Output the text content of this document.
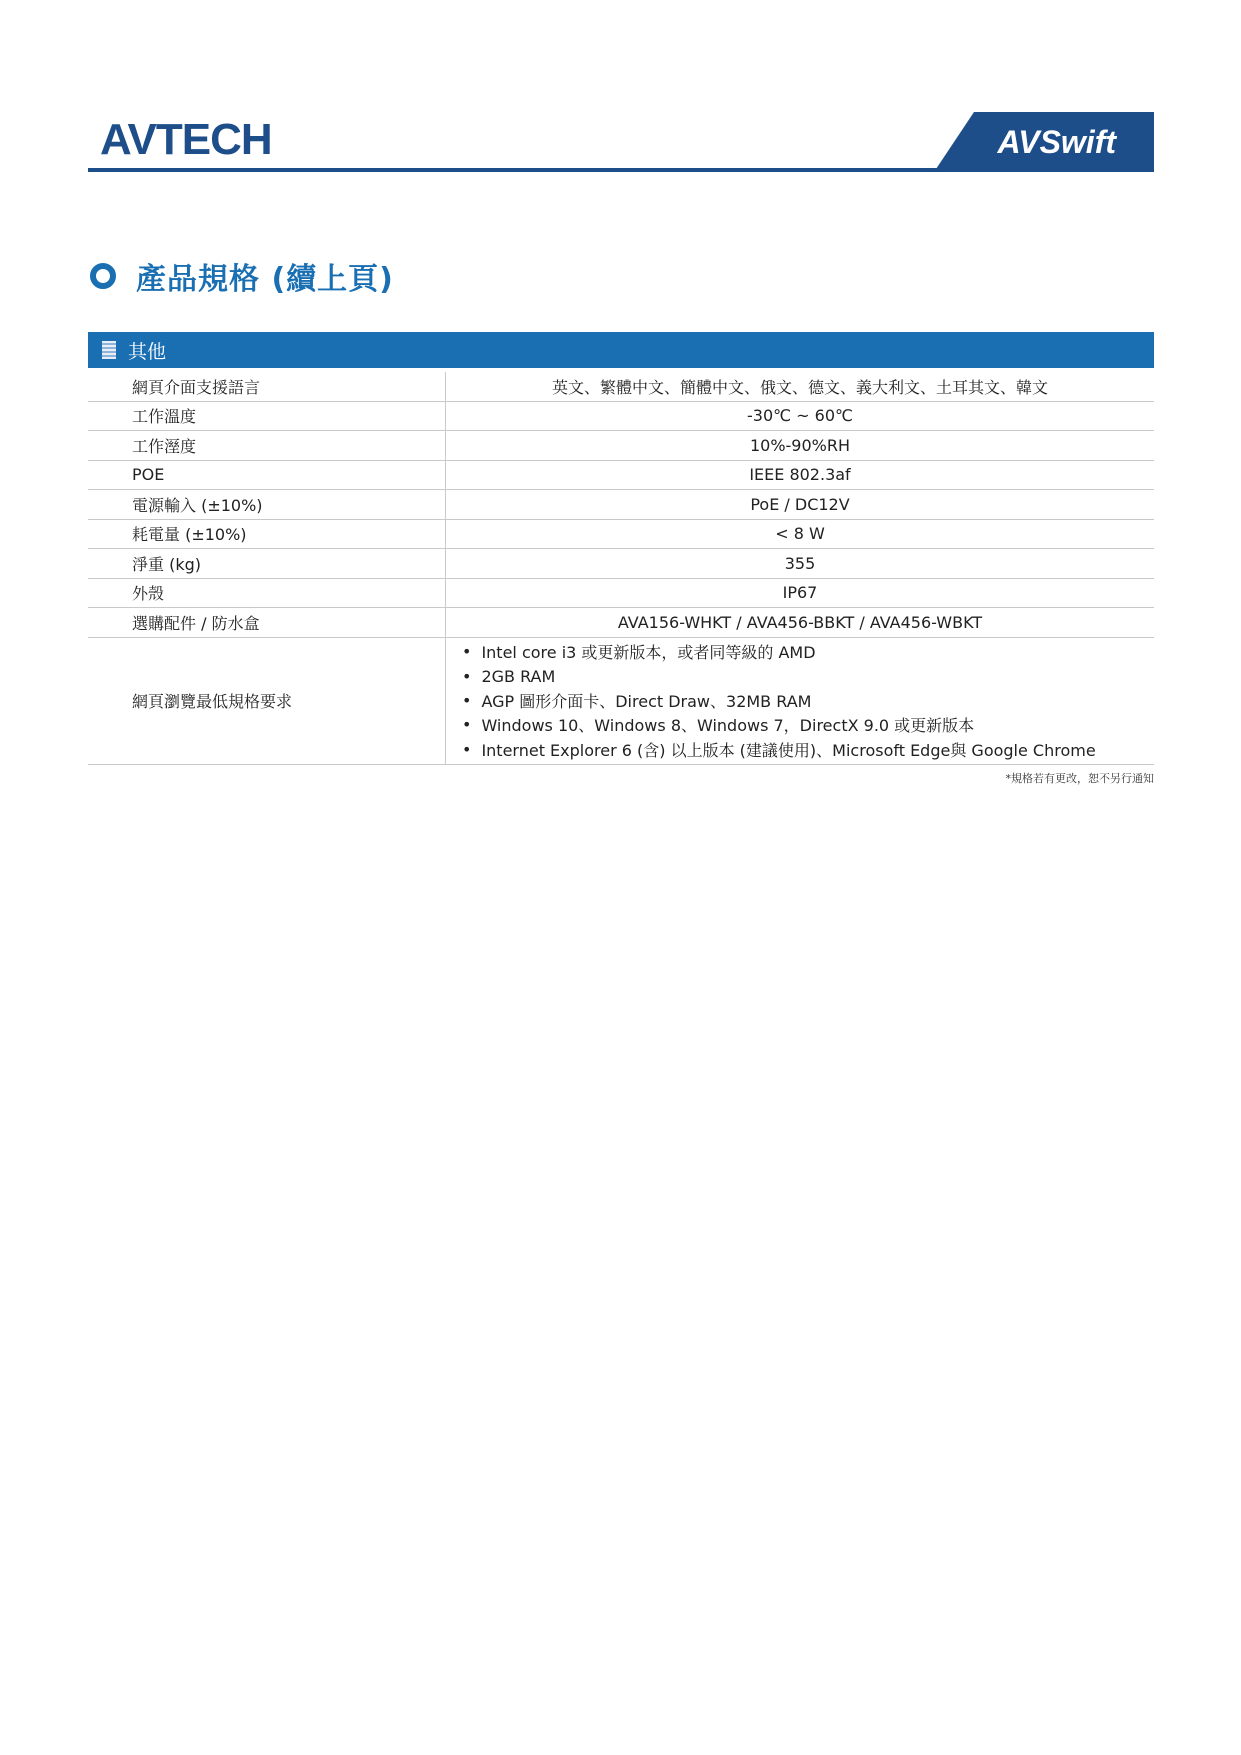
AVTECH	AVSwift
產品規格 (續上頁)
其他
網頁介面支援語言	英文、繁體中文、簡體中文、俄文、德文、義大利文、土耳其文、韓文
工作溫度	-30℃ ~ 60℃
工作溼度	10%-90%RH
POE	IEEE 802.3af
電源輸入 (±10%)	PoE / DC12V
耗電量 (±10%)	< 8 W
淨重 (kg)	355
外殼	IP67
選購配件 / 防水盒	AVA156-WHKT / AVA456-BBKT / AVA456-WBKT
網頁瀏覽最低規格要求
• Intel core i3 或更新版本，或者同等級的 AMD
• 2GB RAM
• AGP 圖形介面卡、Direct Draw、32MB RAM
• Windows 10、Windows 8、Windows 7，DirectX 9.0 或更新版本
• Internet Explorer 6 (含) 以上版本 (建議使用)、Microsoft Edge與 Google Chrome
*規格若有更改，恕不另行通知
